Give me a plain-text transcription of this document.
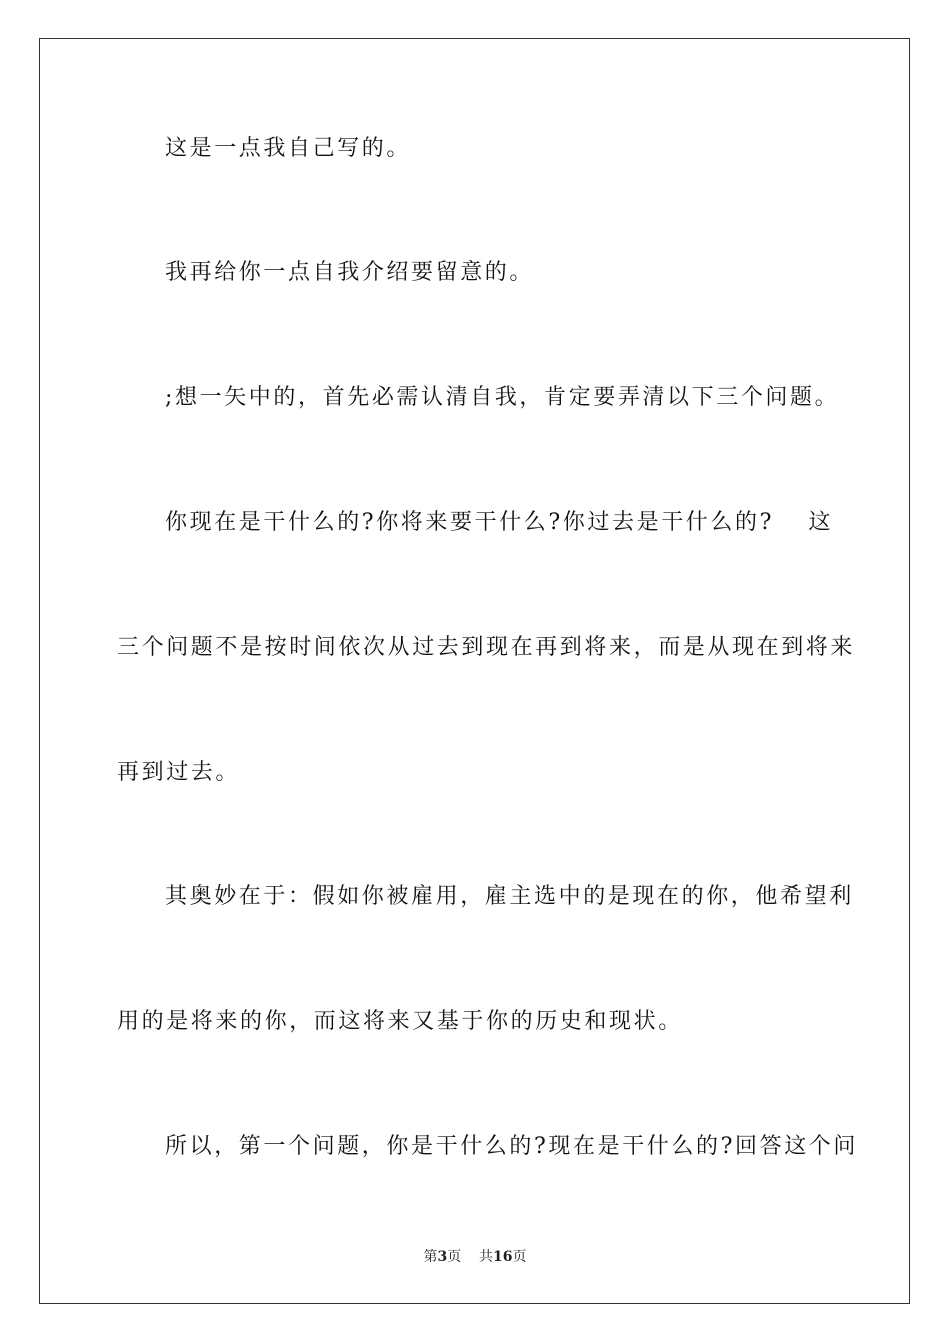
这是一点我自己写的。
我再给你一点自我介绍要留意的。
;想一矢中的，首先必需认清自我，肯定要弄清以下三个问题。
你现在是干什么的?你将来要干什么?你过去是干什么的? 这
三个问题不是按时间依次从过去到现在再到将来，而是从现在到将来
再到过去。
其奥妙在于：假如你被雇用，雇主选中的是现在的你，他希望利
用的是将来的你，而这将来又基于你的历史和现状。
所以，第一个问题，你是干什么的?现在是干什么的?回答这个问
第3页 共16页
